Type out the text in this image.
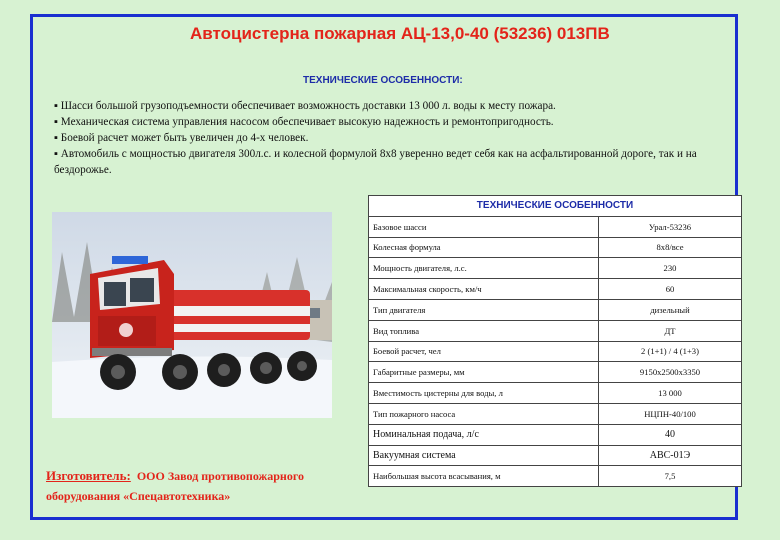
Автоцистерна пожарная АЦ-13,0-40 (53236) 013ПВ
ТЕХНИЧЕСКИЕ ОСОБЕННОСТИ:
▪ Шасси большой грузоподъемности обеспечивает возможность доставки 13 000 л. воды к месту пожара.
▪ Механическая система управления насосом обеспечивает высокую надежность и ремонтопригодность.
▪ Боевой расчет может быть увеличен до 4-х человек.
▪ Автомобиль с мощностью двигателя 300л.с. и колесной формулой 8х8 уверенно ведет себя как на асфальтированной дороге, так и на бездорожье.
ТЕХНИЧЕСКИЕ ОСОБЕННОСТИ	
Базовое шасси	Урал-53236
Колесная формула	8х8/все
Мощность двигателя, л.с.	230
Максимальная скорость, км/ч	60
Тип двигателя	дизельный
Вид топлива	ДТ
Боевой расчет, чел	2 (1+1) / 4 (1+3)
Габаритные размеры, мм	9150х2500х3350
Вместимость цистерны для воды, л	13 000
Тип пожарного насоса	НЦПН-40/100
Номинальная подача, л/с	40
Вакуумная система	АВС-01Э
Наибольшая высота всасывания, м	7,5
Изготовитель: ООО Завод противопожарного оборудования «Спецавтотехника»
